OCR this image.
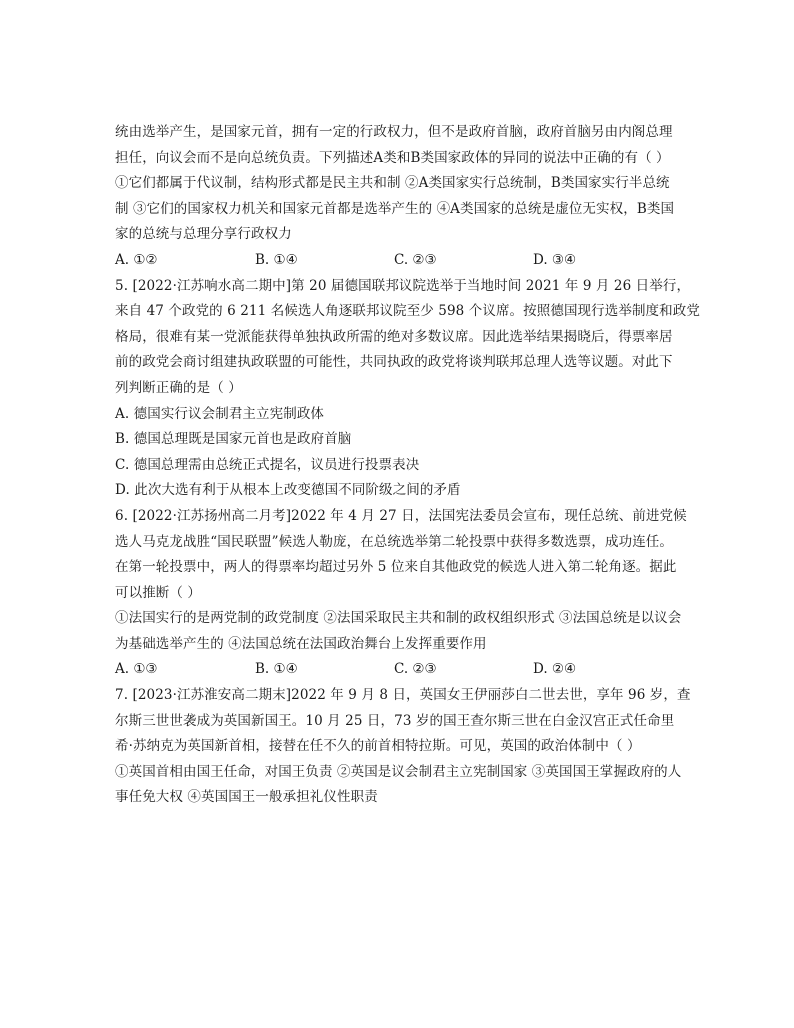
统由选举产生，是国家元首，拥有一定的行政权力，但不是政府首脑，政府首脑另由内阁总理
担任，向议会而不是向总统负责。下列描述A类和B类国家政体的异同的说法中正确的有（ ）
①它们都属于代议制，结构形式都是民主共和制 ②A类国家实行总统制，B类国家实行半总统
制 ③它们的国家权力机关和国家元首都是选举产生的 ④A类国家的总统是虚位无实权，B类国
家的总统与总理分享行政权力
A. ①②	B. ①④	C. ②③	D. ③④
5. [2022·江苏响水高二期中]第 20 届德国联邦议院选举于当地时间 2021 年 9 月 26 日举行，
来自 47 个政党的 6 211 名候选人角逐联邦议院至少 598 个议席。按照德国现行选举制度和政党
格局，很难有某一党派能获得单独执政所需的绝对多数议席。因此选举结果揭晓后，得票率居
前的政党会商讨组建执政联盟的可能性，共同执政的政党将谈判联邦总理人选等议题。对此下
列判断正确的是（ ）
A. 德国实行议会制君主立宪制政体
B. 德国总理既是国家元首也是政府首脑
C. 德国总理需由总统正式提名，议员进行投票表决
D. 此次大选有利于从根本上改变德国不同阶级之间的矛盾
6. [2022·江苏扬州高二月考]2022 年 4 月 27 日，法国宪法委员会宣布，现任总统、前进党候
选人马克龙战胜“国民联盟”候选人勒庞，在总统选举第二轮投票中获得多数选票，成功连任。
在第一轮投票中，两人的得票率均超过另外 5 位来自其他政党的候选人进入第二轮角逐。据此
可以推断（ ）
①法国实行的是两党制的政党制度 ②法国采取民主共和制的政权组织形式 ③法国总统是以议会
为基础选举产生的 ④法国总统在法国政治舞台上发挥重要作用
A. ①③	B. ①④	C. ②③	D. ②④
7. [2023·江苏淮安高二期末]2022 年 9 月 8 日，英国女王伊丽莎白二世去世，享年 96 岁，查
尔斯三世世袭成为英国新国王。10 月 25 日，73 岁的国王查尔斯三世在白金汉宫正式任命里
希·苏纳克为英国新首相，接替在任不久的前首相特拉斯。可见，英国的政治体制中（ ）
①英国首相由国王任命，对国王负责 ②英国是议会制君主立宪制国家 ③英国国王掌握政府的人
事任免大权 ④英国国王一般承担礼仪性职责
